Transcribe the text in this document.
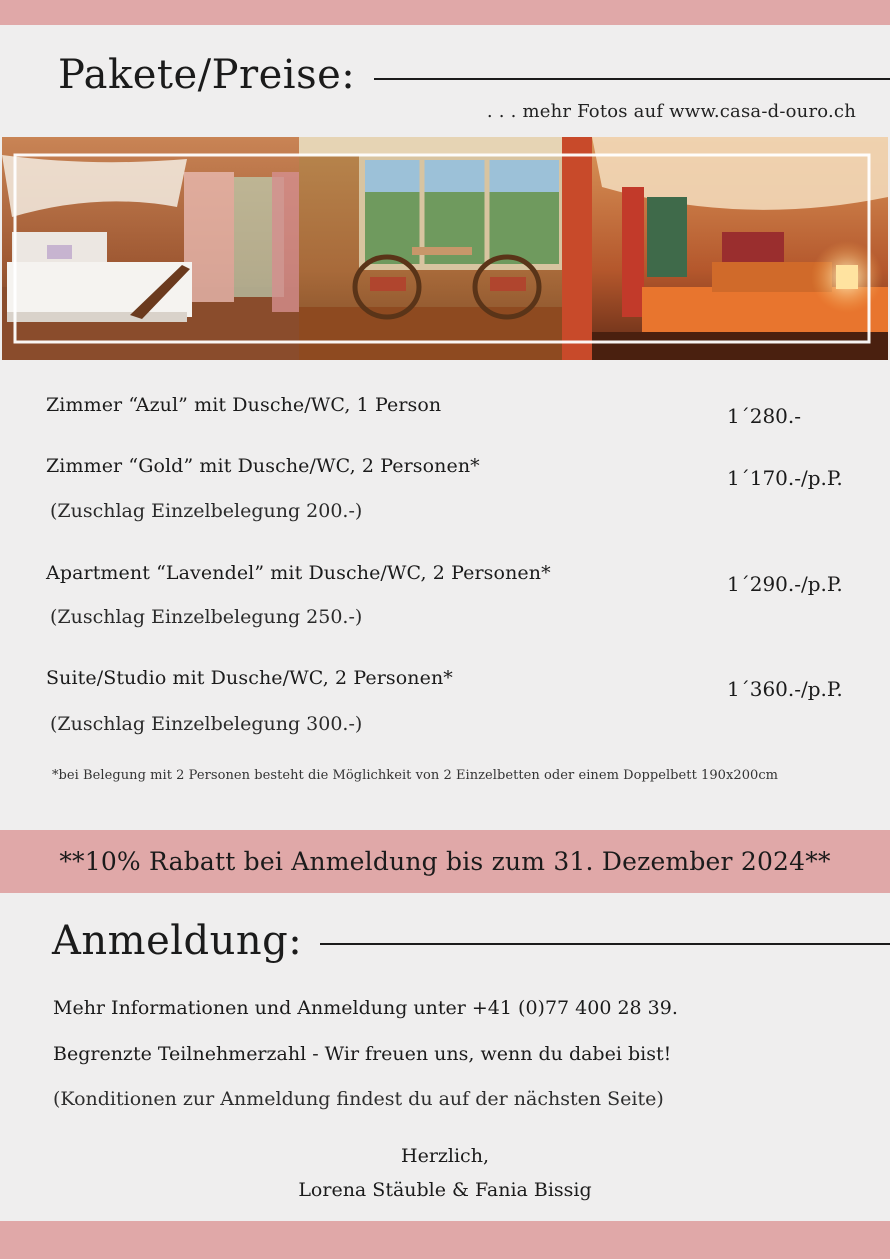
Pakete/Preise:
. . . mehr Fotos auf www.casa-d-ouro.ch
Zimmer “Azul” mit Dusche/WC, 1 Person	1´280.-
Zimmer “Gold” mit Dusche/WC, 2 Personen*	1´170.-/p.P.
(Zuschlag Einzelbelegung 200.-)
Apartment “Lavendel” mit Dusche/WC, 2 Personen*	1´290.-/p.P.
(Zuschlag Einzelbelegung 250.-)
Suite/Studio mit Dusche/WC, 2 Personen*	1´360.-/p.P.
(Zuschlag Einzelbelegung 300.-)
*bei Belegung mit 2 Personen besteht die Möglichkeit von 2 Einzelbetten oder einem Doppelbett 190x200cm
**10% Rabatt bei Anmeldung bis zum 31. Dezember 2024**
Anmeldung:
Mehr Informationen und Anmeldung unter +41 (0)77 400 28 39.
Begrenzte Teilnehmerzahl - Wir freuen uns, wenn du dabei bist!
(Konditionen zur Anmeldung findest du auf der nächsten Seite)
Herzlich,
Lorena Stäuble & Fania Bissig
